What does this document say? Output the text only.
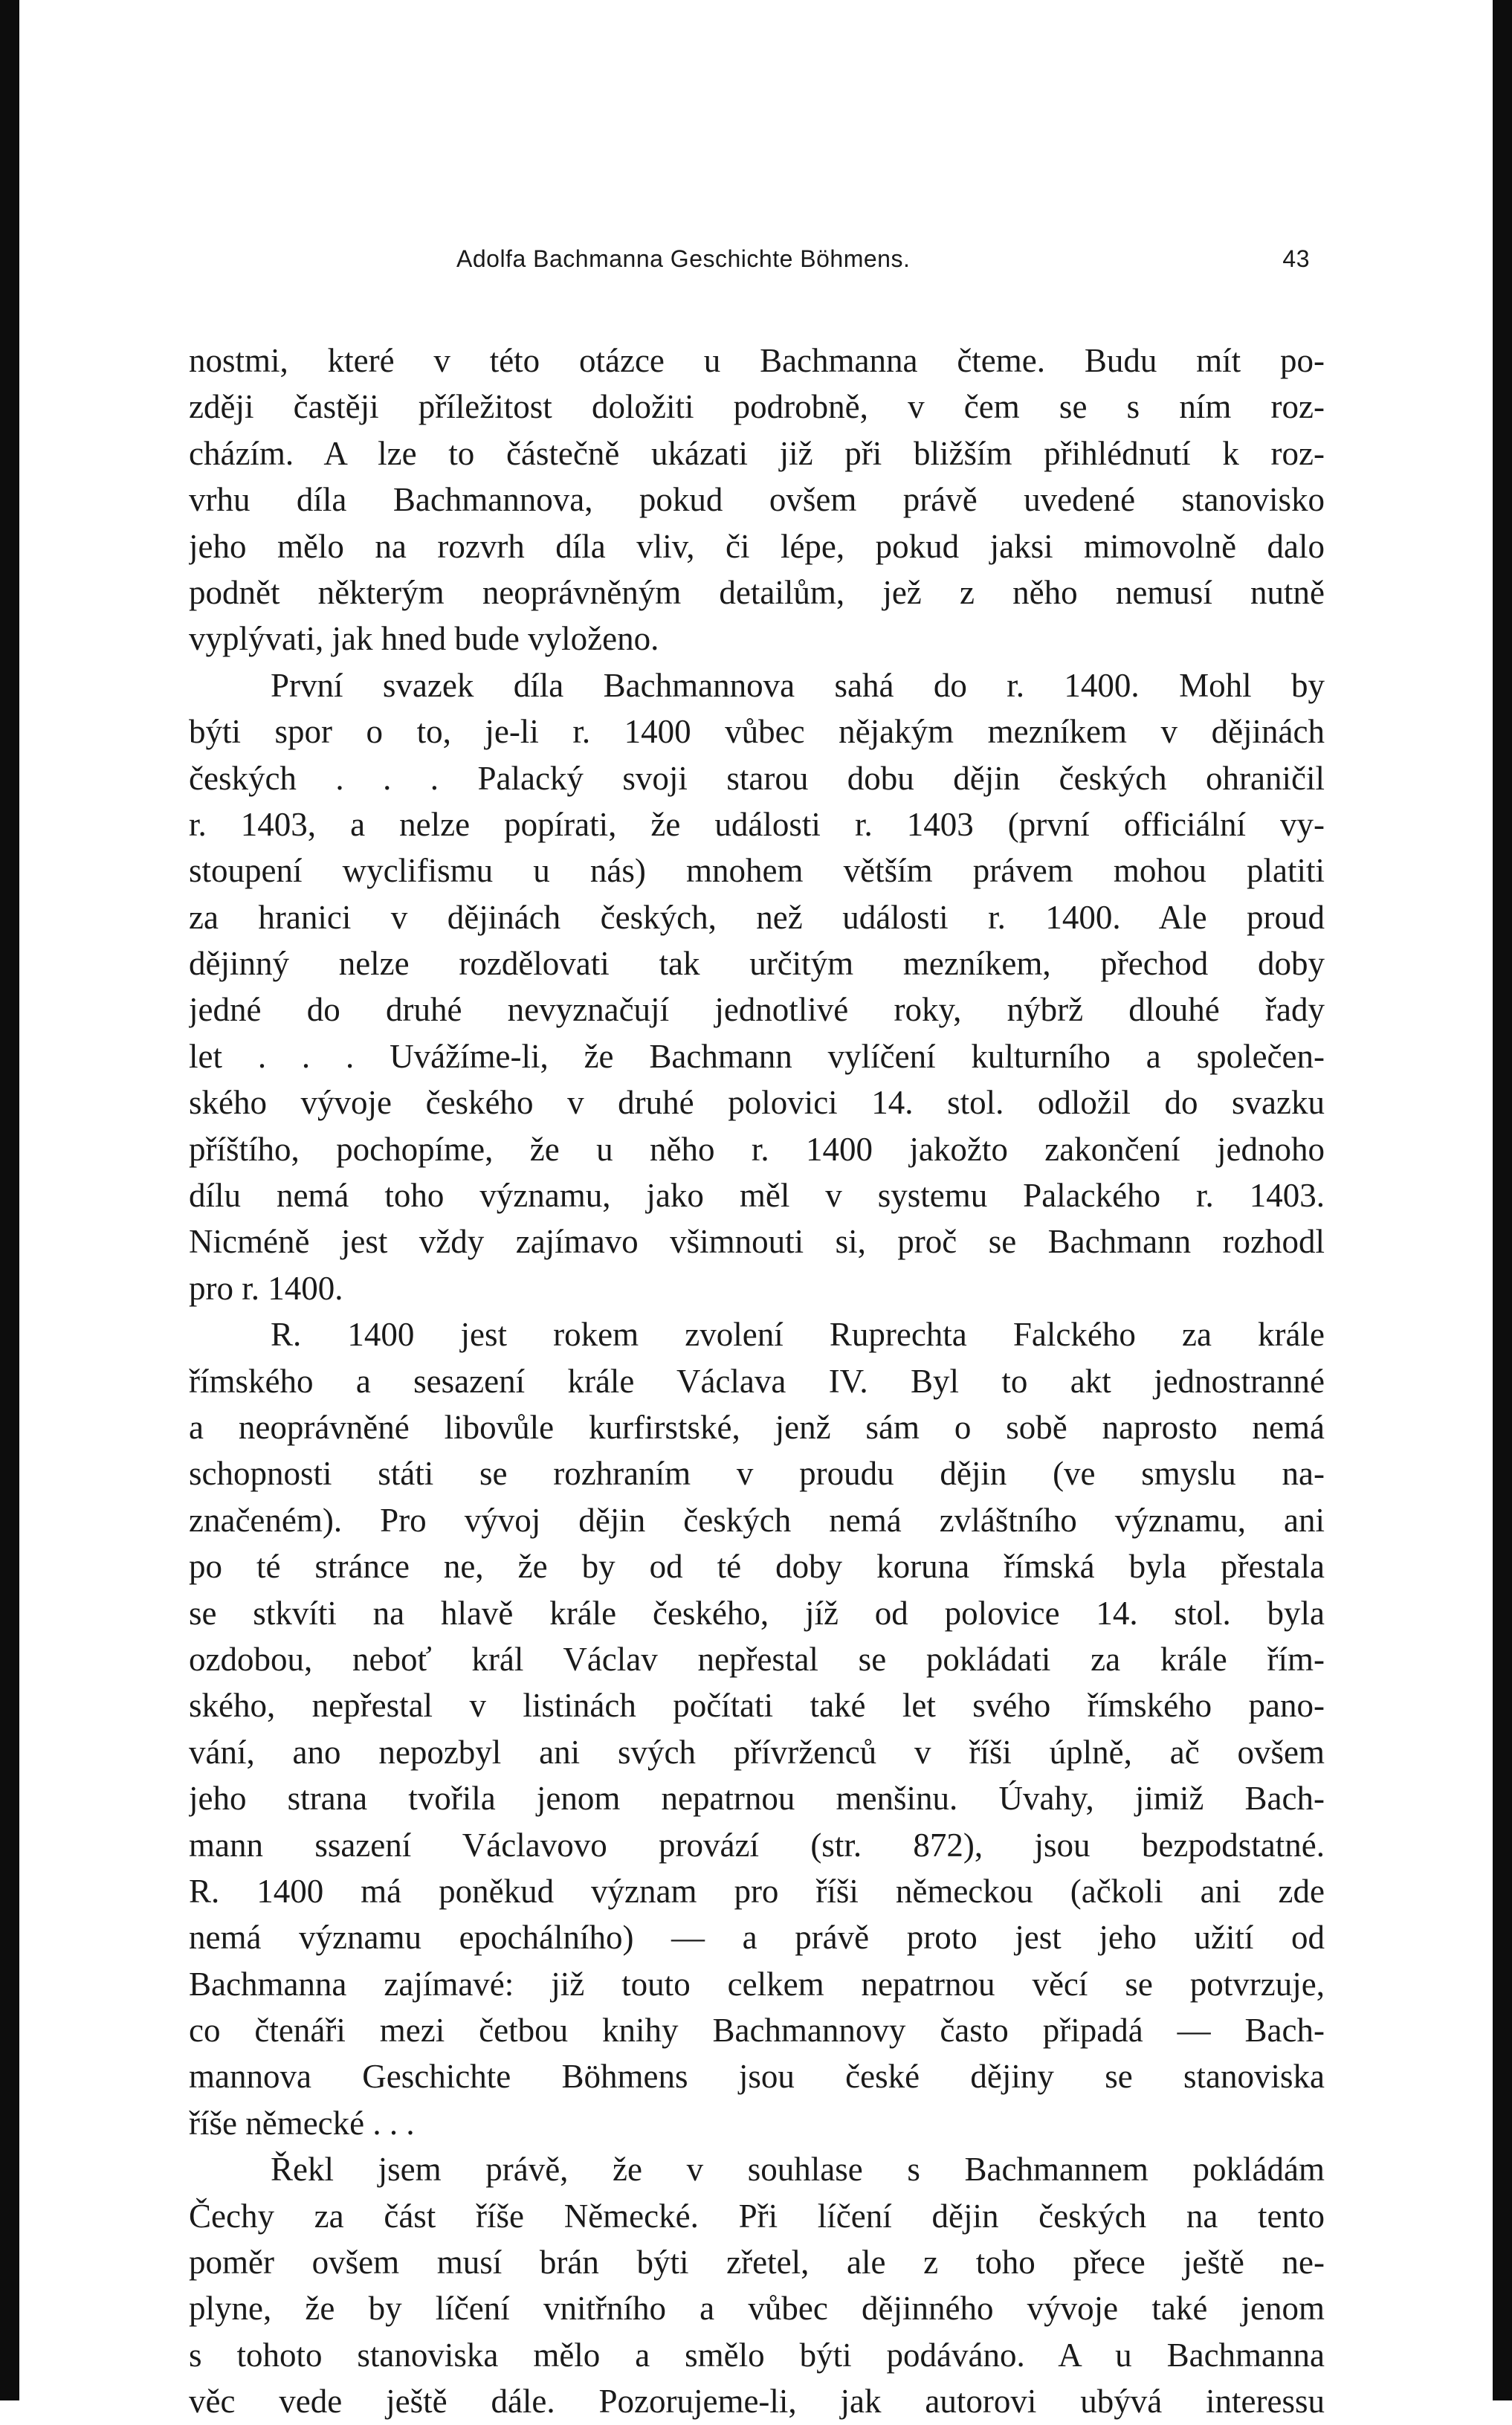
Adolfa Bachmanna Geschichte Böhmens.	43
nostmi, které v této otázce u Bachmanna čteme. Budu mít po-
zději častěji příležitost doložiti podrobně, v čem se s ním roz-
cházím. A lze to částečně ukázati již při bližším přihlédnutí k roz-
vrhu díla Bachmannova, pokud ovšem právě uvedené stanovisko
jeho mělo na rozvrh díla vliv, či lépe, pokud jaksi mimovolně dalo
podnět některým neoprávněným detailům, jež z něho nemusí nutně
vyplývati, jak hned bude vyloženo.
První svazek díla Bachmannova sahá do r. 1400. Mohl by
býti spor o to, je-li r. 1400 vůbec nějakým mezníkem v dějinách
českých . . . Palacký svoji starou dobu dějin českých ohraničil
r. 1403, a nelze popírati, že události r. 1403 (první officiální vy-
stoupení wyclifismu u nás) mnohem větším právem mohou platiti
za hranici v dějinách českých, než události r. 1400. Ale proud
dějinný nelze rozdělovati tak určitým mezníkem, přechod doby
jedné do druhé nevyznačují jednotlivé roky, nýbrž dlouhé řady
let . . . Uvážíme-li, že Bachmann vylíčení kulturního a společen-
ského vývoje českého v druhé polovici 14. stol. odložil do svazku
příštího, pochopíme, že u něho r. 1400 jakožto zakončení jednoho
dílu nemá toho významu, jako měl v systemu Palackého r. 1403.
Nicméně jest vždy zajímavo všimnouti si, proč se Bachmann rozhodl
pro r. 1400.
R. 1400 jest rokem zvolení Ruprechta Falckého za krále
římského a sesazení krále Václava IV. Byl to akt jednostranné
a neoprávněné libovůle kurfirstské, jenž sám o sobě naprosto nemá
schopnosti státi se rozhraním v proudu dějin (ve smyslu na-
značeném). Pro vývoj dějin českých nemá zvláštního významu, ani
po té stránce ne, že by od té doby koruna římská byla přestala
se stkvíti na hlavě krále českého, jíž od polovice 14. stol. byla
ozdobou, neboť král Václav nepřestal se pokládati za krále řím-
ského, nepřestal v listinách počítati také let svého římského pano-
vání, ano nepozbyl ani svých přívrženců v říši úplně, ač ovšem
jeho strana tvořila jenom nepatrnou menšinu. Úvahy, jimiž Bach-
mann ssazení Václavovo provází (str. 872), jsou bezpodstatné.
R. 1400 má poněkud význam pro říši německou (ačkoli ani zde
nemá významu epochálního) — a právě proto jest jeho užití od
Bachmanna zajímavé: již touto celkem nepatrnou věcí se potvrzuje,
co čtenáři mezi četbou knihy Bachmannovy často připadá — Bach-
mannova Geschichte Böhmens jsou české dějiny se stanoviska
říše německé . . .
Řekl jsem právě, že v souhlase s Bachmannem pokládám
Čechy za část říše Německé. Při líčení dějin českých na tento
poměr ovšem musí brán býti zřetel, ale z toho přece ještě ne-
plyne, že by líčení vnitřního a vůbec dějinného vývoje také jenom
s tohoto stanoviska mělo a smělo býti podáváno. A u Bachmanna
věc vede ještě dále. Pozorujeme-li, jak autorovi ubývá interessu
